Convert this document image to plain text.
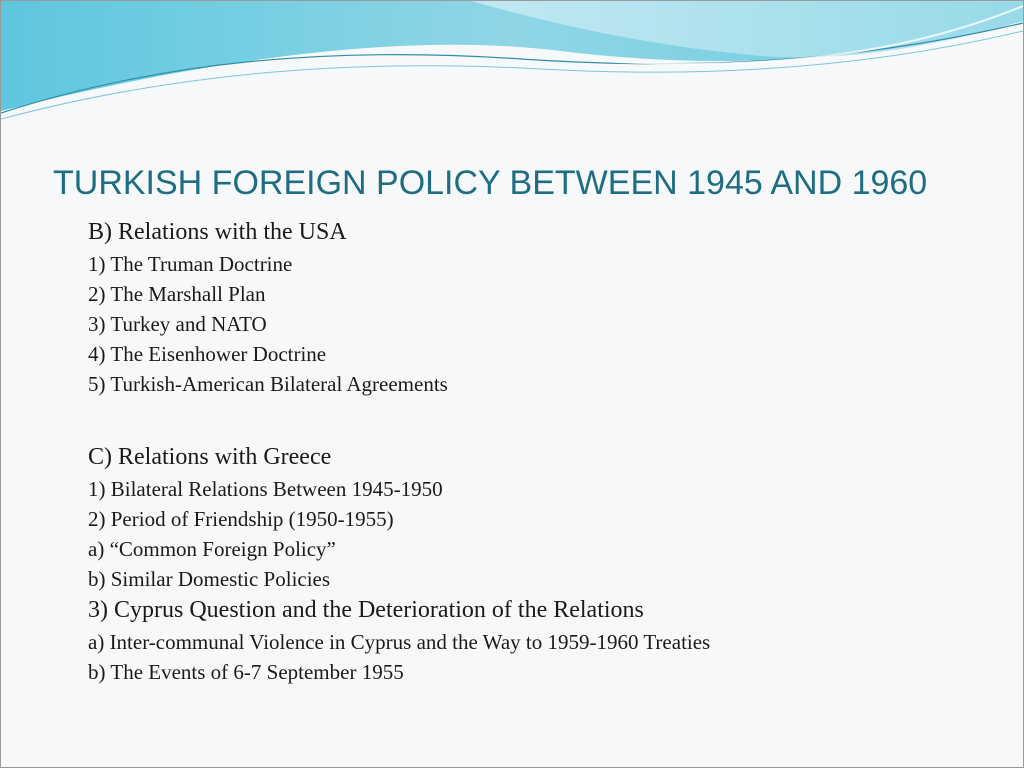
TURKISH FOREIGN POLICY BETWEEN 1945 AND 1960
B) Relations with the USA
1) The Truman Doctrine
2) The Marshall Plan
3) Turkey and NATO
4) The Eisenhower Doctrine
5) Turkish-American Bilateral Agreements
C) Relations with Greece
1) Bilateral Relations Between 1945-1950
2) Period of Friendship (1950-1955)
a) “Common Foreign Policy”
b) Similar Domestic Policies
3) Cyprus Question and the Deterioration of the Relations
a) Inter-communal Violence in Cyprus and the Way to 1959-1960 Treaties
b) The Events of 6-7 September 1955
